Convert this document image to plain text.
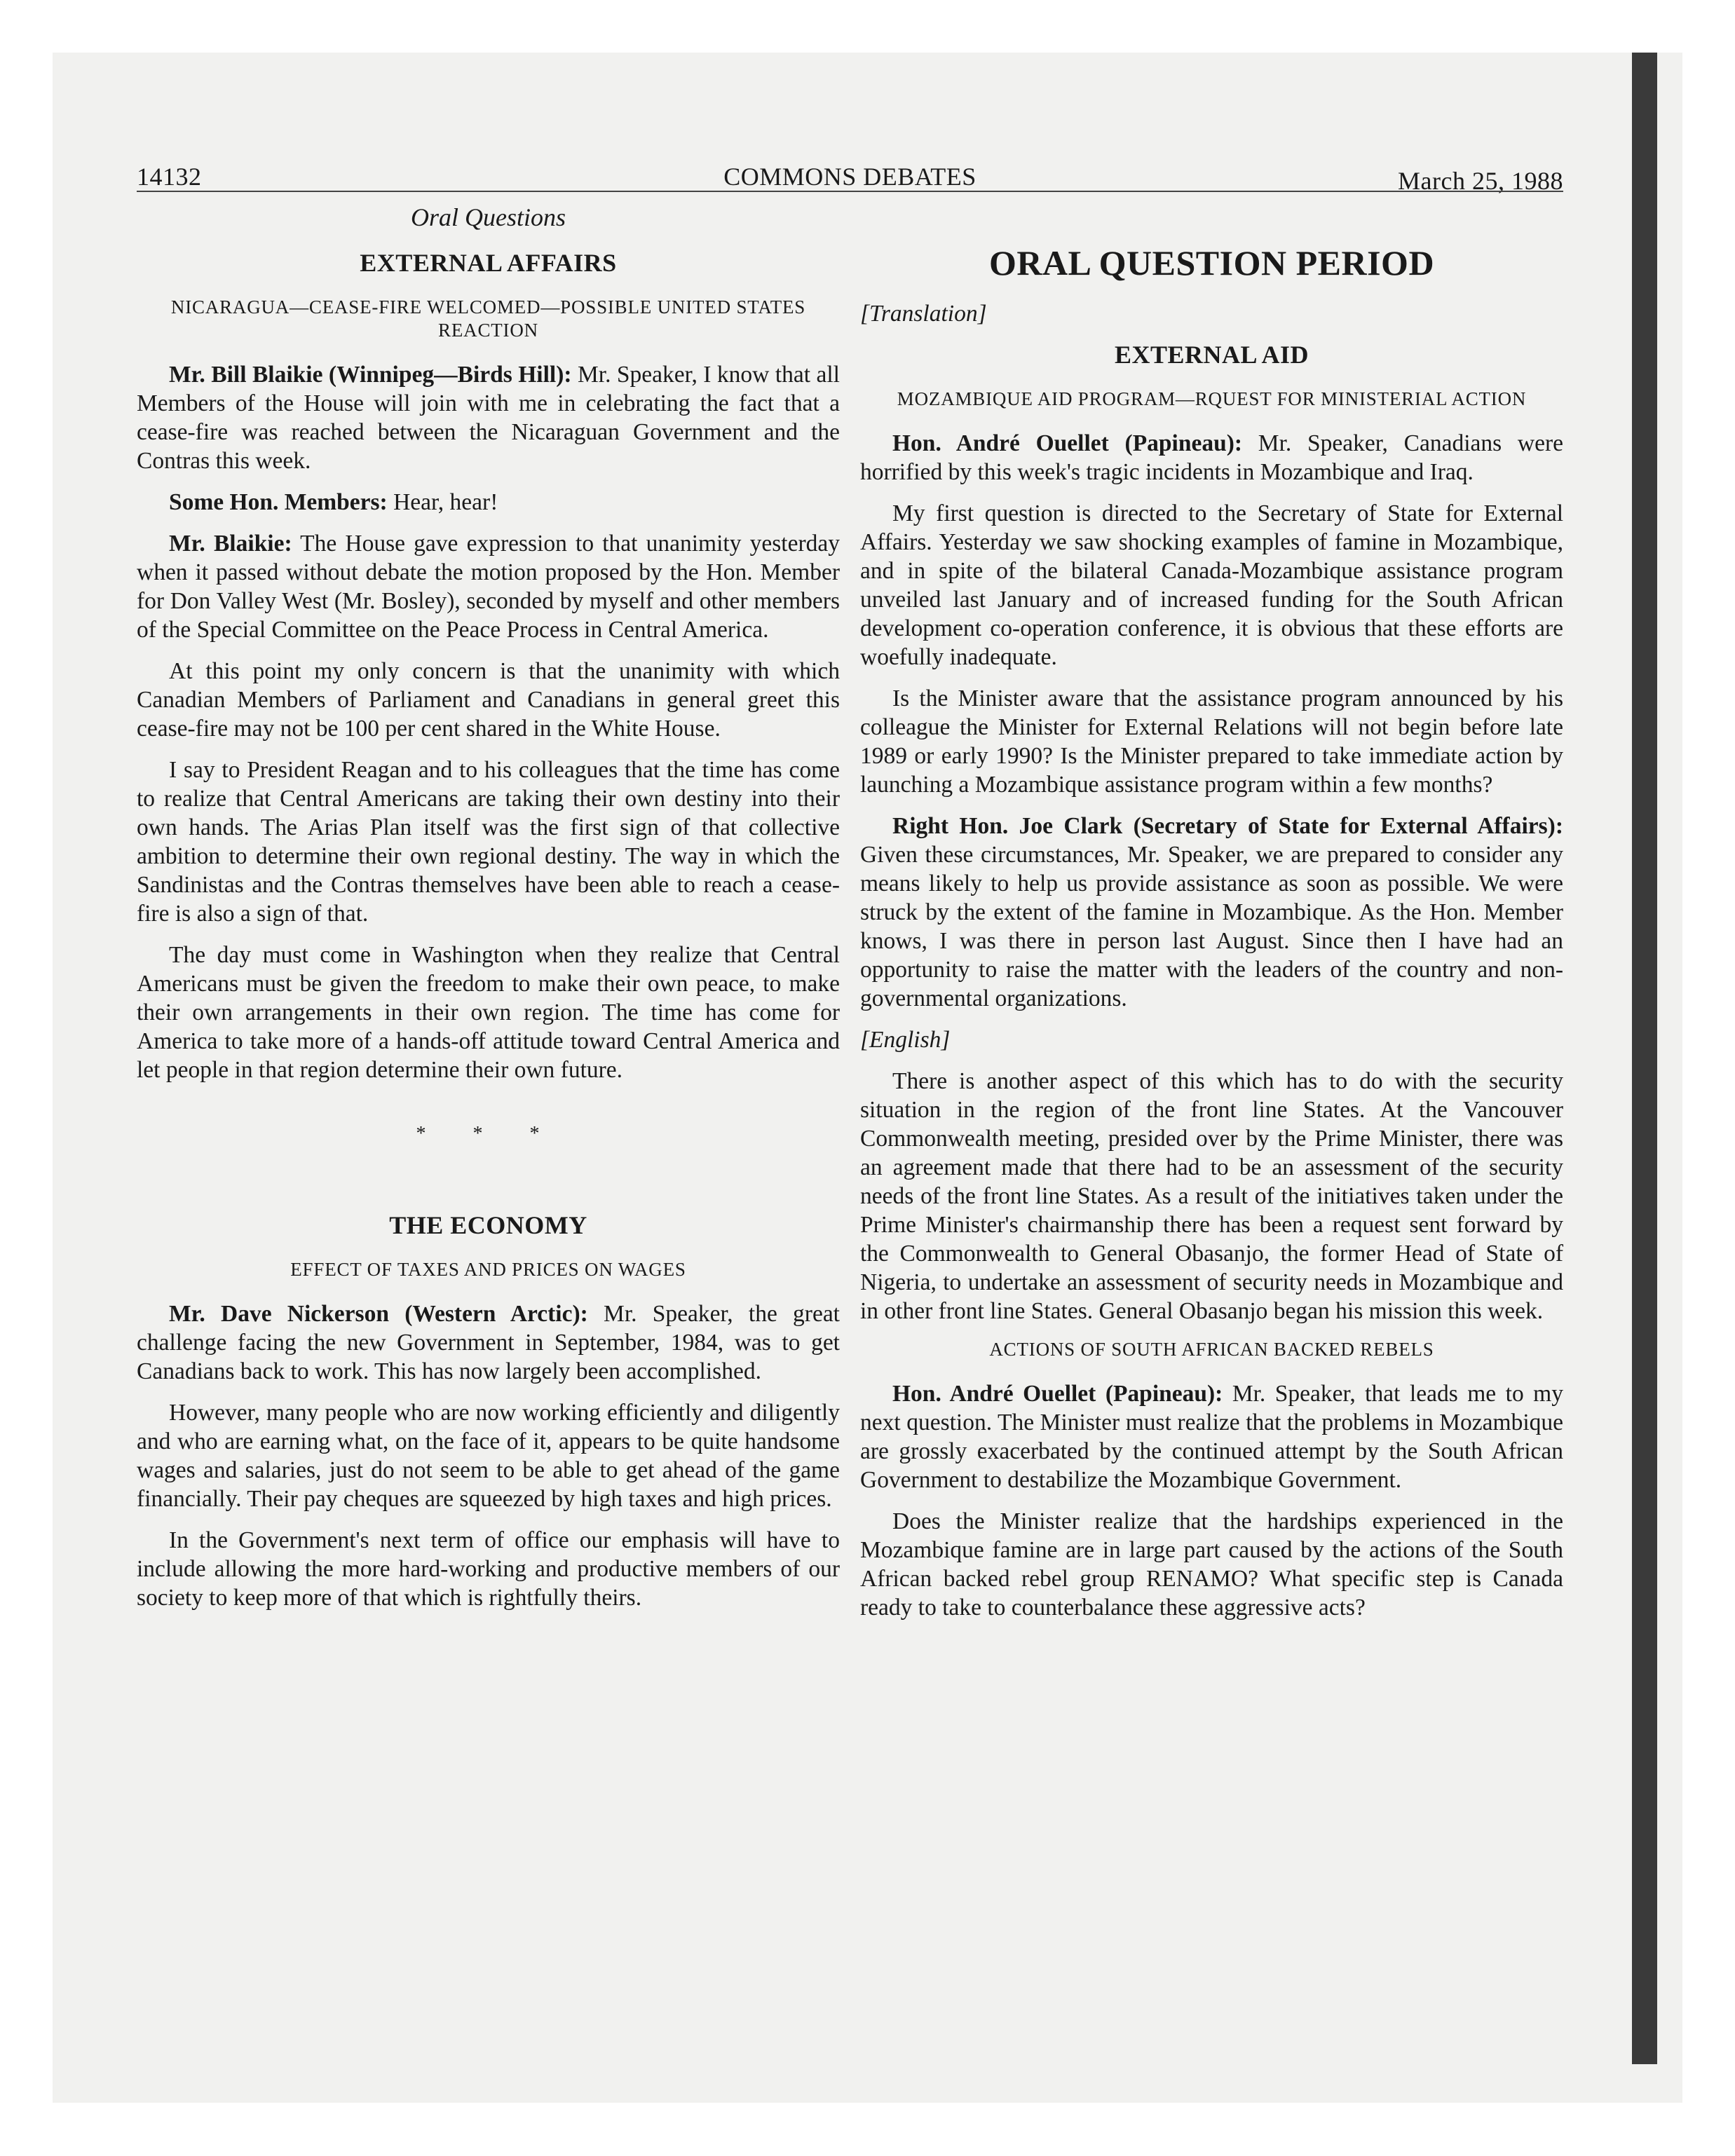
14132	COMMONS DEBATES	March 25, 1988
Oral Questions
EXTERNAL AFFAIRS
NICARAGUA—CEASE-FIRE WELCOMED—POSSIBLE UNITED STATES REACTION

Mr. Bill Blaikie (Winnipeg—Birds Hill): Mr. Speaker, I know that all Members of the House will join with me in celebrating the fact that a cease-fire was reached between the Nicaraguan Government and the Contras this week.

Some Hon. Members: Hear, hear!

Mr. Blaikie: The House gave expression to that unanimity yesterday when it passed without debate the motion proposed by the Hon. Member for Don Valley West (Mr. Bosley), seconded by myself and other members of the Special Committee on the Peace Process in Central America.

At this point my only concern is that the unanimity with which Canadian Members of Parliament and Canadians in general greet this cease-fire may not be 100 per cent shared in the White House.

I say to President Reagan and to his colleagues that the time has come to realize that Central Americans are taking their own destiny into their own hands. The Arias Plan itself was the first sign of that collective ambition to determine their own regional destiny. The way in which the Sandinistas and the Contras themselves have been able to reach a cease-fire is also a sign of that.

The day must come in Washington when they realize that Central Americans must be given the freedom to make their own peace, to make their own arrangements in their own region. The time has come for America to take more of a hands-off attitude toward Central America and let people in that region determine their own future.

* * *
THE ECONOMY
EFFECT OF TAXES AND PRICES ON WAGES

Mr. Dave Nickerson (Western Arctic): Mr. Speaker, the great challenge facing the new Government in September, 1984, was to get Canadians back to work. This has now largely been accomplished.

However, many people who are now working efficiently and diligently and who are earning what, on the face of it, appears to be quite handsome wages and salaries, just do not seem to be able to get ahead of the game financially. Their pay cheques are squeezed by high taxes and high prices.

In the Government's next term of office our emphasis will have to include allowing the more hard-working and productive members of our society to keep more of that which is rightfully theirs.

ORAL QUESTION PERIOD
[Translation]
EXTERNAL AID
MOZAMBIQUE AID PROGRAM—RQUEST FOR MINISTERIAL ACTION

Hon. André Ouellet (Papineau): Mr. Speaker, Canadians were horrified by this week's tragic incidents in Mozambique and Iraq.

My first question is directed to the Secretary of State for External Affairs. Yesterday we saw shocking examples of famine in Mozambique, and in spite of the bilateral Canada-Mozambique assistance program unveiled last January and of increased funding for the South African development co-operation conference, it is obvious that these efforts are woefully inadequate.

Is the Minister aware that the assistance program announced by his colleague the Minister for External Relations will not begin before late 1989 or early 1990? Is the Minister prepared to take immediate action by launching a Mozambique assistance program within a few months?

Right Hon. Joe Clark (Secretary of State for External Affairs): Given these circumstances, Mr. Speaker, we are prepared to consider any means likely to help us provide assistance as soon as possible. We were struck by the extent of the famine in Mozambique. As the Hon. Member knows, I was there in person last August. Since then I have had an opportunity to raise the matter with the leaders of the country and non-governmental organizations.

[English]

There is another aspect of this which has to do with the security situation in the region of the front line States. At the Vancouver Commonwealth meeting, presided over by the Prime Minister, there was an agreement made that there had to be an assessment of the security needs of the front line States. As a result of the initiatives taken under the Prime Minister's chairmanship there has been a request sent forward by the Commonwealth to General Obasanjo, the former Head of State of Nigeria, to undertake an assessment of security needs in Mozambique and in other front line States. General Obasanjo began his mission this week.

ACTIONS OF SOUTH AFRICAN BACKED REBELS

Hon. André Ouellet (Papineau): Mr. Speaker, that leads me to my next question. The Minister must realize that the problems in Mozambique are grossly exacerbated by the continued attempt by the South African Government to destabilize the Mozambique Government.

Does the Minister realize that the hardships experienced in the Mozambique famine are in large part caused by the actions of the South African backed rebel group RENAMO? What specific step is Canada ready to take to counterbalance these aggressive acts?
